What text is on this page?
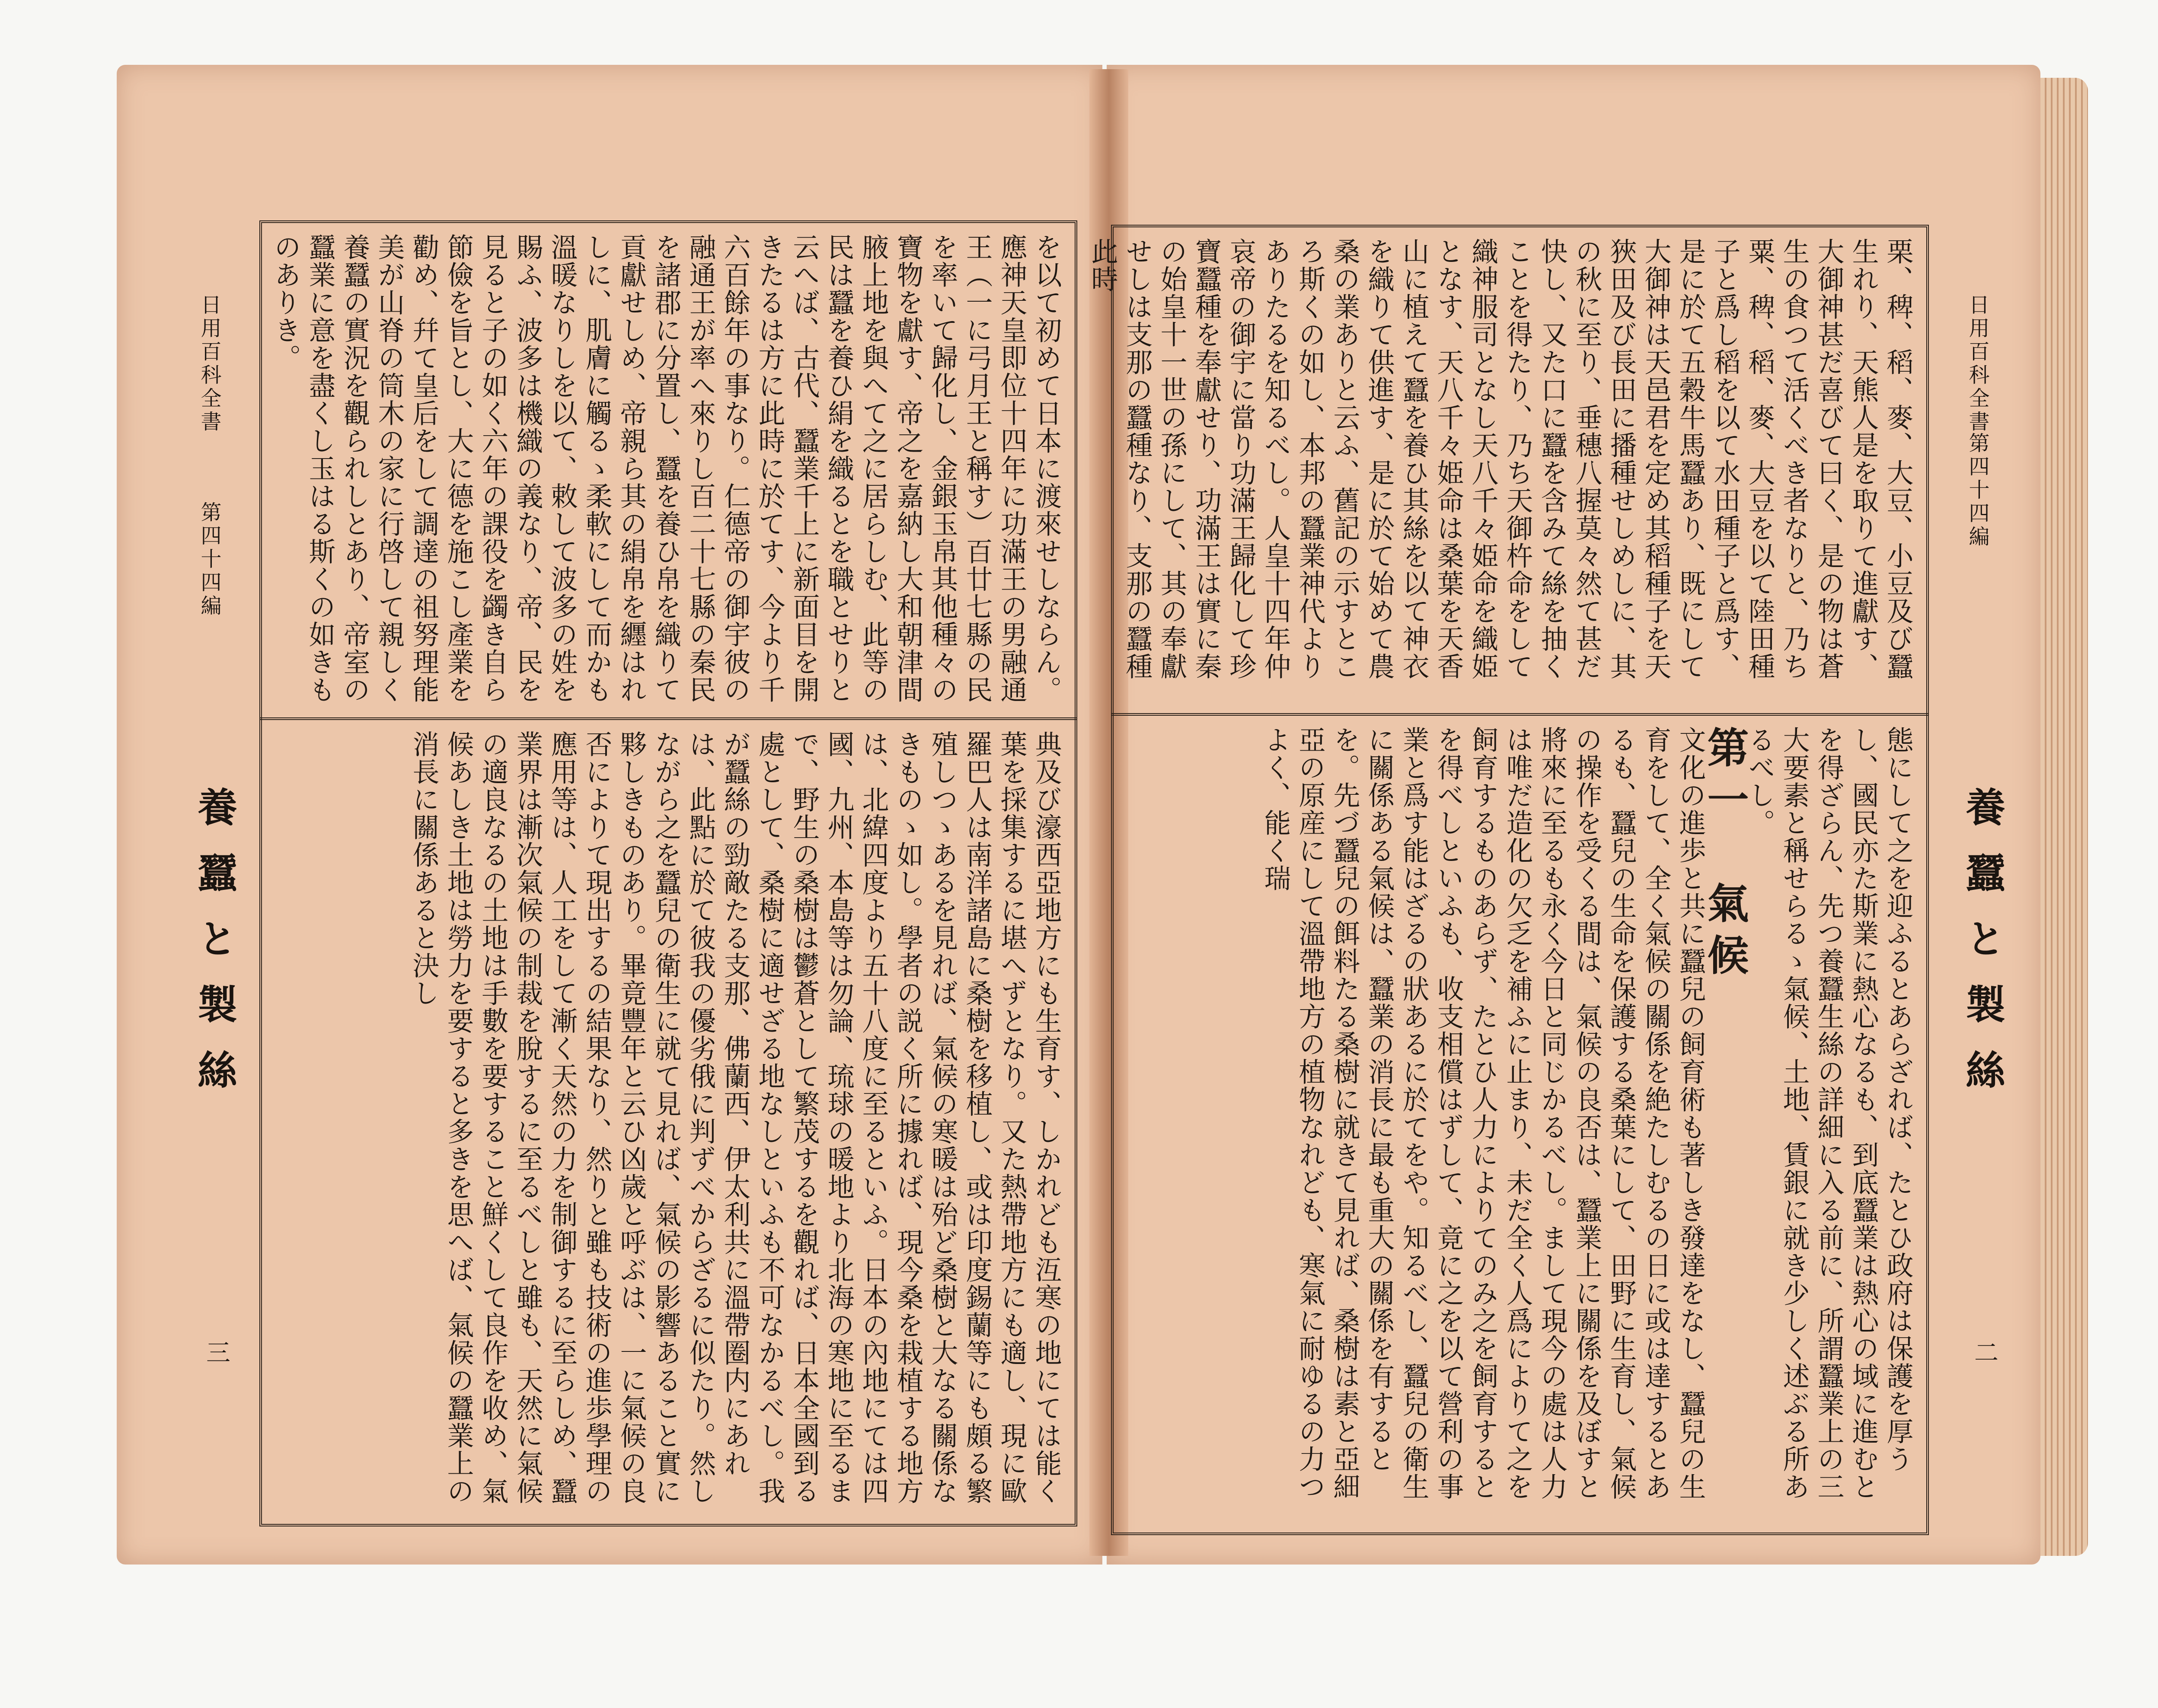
日用百科全書
第四十四編
養蠶と製絲
二

栗、稗、稻、麥、大豆、小豆及び蠶生れり、天熊人是を取りて進獻す、大御神甚だ喜びて曰く、是の物は蒼生の食つて活くべき者なりと、乃ち粟、稗、稻、麥、大豆を以て陸田種子と爲し稻を以て水田種子と爲す、是に於て五穀牛馬蠶あり、既にして大御神は天邑君を定め其稻種子を天狹田及び長田に播種せしめしに、其の秋に至り、垂穗八握莫々然て甚だ快し、又た口に蠶を含みて絲を抽くことを得たり、乃ち天御杵命をして織神服司となし天八千々姫命を織姫となす、天八千々姫命は桑葉を天香山に植えて蠶を養ひ其絲を以て神衣を織りて供進す、是に於て始めて農桑の業ありと云ふ、舊記の示すところ斯くの如し、本邦の蠶業神代よりありたるを知るべし。人皇十四年仲哀帝の御宇に當り功滿王歸化して珍寶蠶種を奉獻せり、功滿王は實に秦の始皇十一世の孫にして、其の奉獻せしは支那の蠶種なり、支那の蠶種此時

態にして之を迎ふるとあらざれば、たとひ政府は保護を厚うし、國民亦た斯業に熱心なるも、到底蠶業は熱心の域に進むとを得ざらん、先つ養蠶生絲の詳細に入る前に、所謂蠶業上の三大要素と稱せらるゝ氣候、土地、賃銀に就き少しく述ぶる所あるべし。

第一　氣候

文化の進歩と共に蠶兒の飼育術も著しき發達をなし、蠶兒の生育をして、全く氣候の關係を絶たしむるの日に或は達するとあるも、蠶兒の生命を保護する桑葉にして、田野に生育し、氣候の操作を受くる間は、氣候の良否は、蠶業上に關係を及ぼすと將來に至るも永く今日と同じかるべし。まして現今の處は人力は唯だ造化の欠乏を補ふに止まり、未だ全く人爲によりて之を飼育するものあらず、たとひ人力によりてのみ之を飼育するとを得べしといふも、收支相償はずして、竟に之を以て營利の事業と爲す能はざるの狀あるに於てをや。知るべし、蠶兒の衛生に關係ある氣候は、蠶業の消長に最も重大の關係を有するとを。先づ蠶兒の餌料たる桑樹に就きて見れば、桑樹は素と亞細亞の原産にして溫帶地方の植物なれども、寒氣に耐ゆるの力つよく、能く瑞

日用百科全書
第四十四編
養蠶と製絲
三

を以て初めて日本に渡來せしならん。應神天皇即位十四年に功滿王の男融通王（一に弓月王と稱す）百廿七縣の民を率いて歸化し、金銀玉帛其他種々の寶物を獻す、帝之を嘉納し大和朝津間腋上地を與へて之に居らしむ、此等の民は蠶を養ひ絹を織るとを職とせりと云へば、古代、蠶業千上に新面目を開きたるは方に此時に於てす、今より千六百餘年の事なり。仁德帝の御宇彼の融通王が率へ來りし百二十七縣の秦民を諸郡に分置し、蠶を養ひ帛を織りて貢獻せしめ、帝親ら其の絹帛を纒はれしに、肌膚に觸るゝ柔軟にして而かも溫暖なりしを以て、敕して波多の姓を賜ふ、波多は機織の義なり、帝、民を見ると子の如く六年の課役を蠲き自ら節儉を旨とし、大に德を施こし產業を勸め、幷て皇后をして調達の祖努理能美が山脊の筒木の家に行啓して親しく養蠶の實況を觀られしとあり、帝室の蠶業に意を盡くし玉はる斯くの如きものありき。

典及び濠西亞地方にも生育す、しかれども沍寒の地にては能く葉を採集するに堪へずとなり。又た熱帶地方にも適し、現に歐羅巴人は南洋諸島に桑樹を移植し、或は印度錫蘭等にも頗る繁殖しつゝあるを見れば、氣候の寒暖は殆ど桑樹と大なる關係なきものゝ如し。學者の説く所に據れば、現今桑を栽植する地方は、北緯四度より五十八度に至るといふ。日本の內地にては四國、九州、本島等は勿論、琉球の暖地より北海の寒地に至るまで、野生の桑樹は鬱蒼として繁茂するを觀れば、日本全國到る處として、桑樹に適せざる地なしといふも不可なかるべし。我が蠶絲の勁敵たる支那、佛蘭西、伊太利共に溫帶圈内にあれは、此點に於て彼我の優劣俄に判ずべからざるに似たり。然しながら之を蠶兒の衛生に就て見れば、氣候の影響あること實に夥しきものあり。畢竟豐年と云ひ凶歲と呼ぶは、一に氣候の良否によりて現出するの結果なり、然りと雖も技術の進歩學理の應用等は、人工をして漸く天然の力を制御するに至らしめ、蠶業界は漸次氣候の制裁を脫するに至るべしと雖も、天然に氣候の適良なるの土地は手數を要すること鮮くして良作を收め、氣候あしき土地は勞力を要すると多きを思へば、氣候の蠶業上の消長に關係あると決し
